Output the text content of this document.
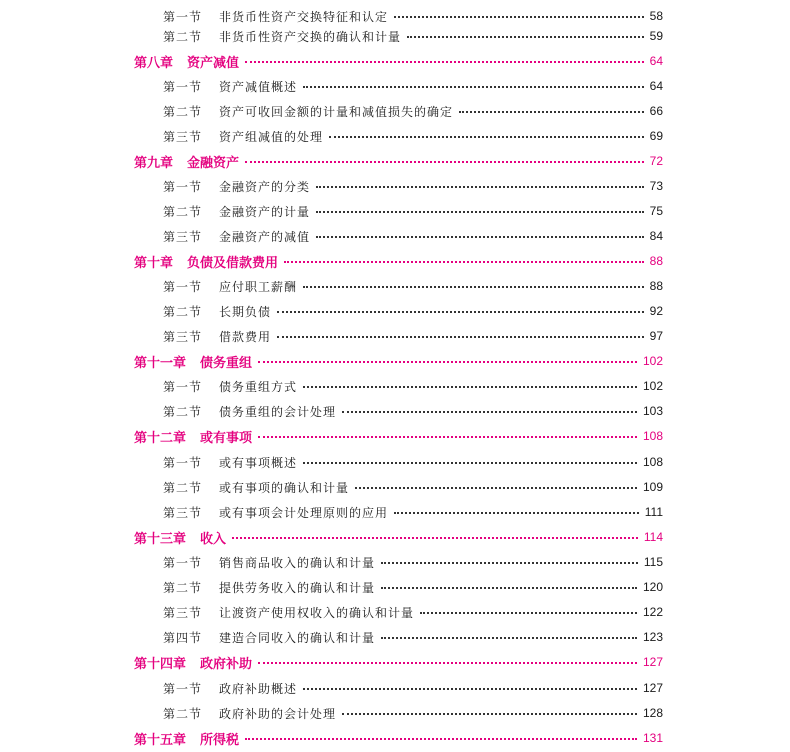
第一节	非货币性资产交换特征和认定	58
第二节	非货币性资产交换的确认和计量	59
第八章 资产减值	64
第一节	资产减值概述	64
第二节	资产可收回金额的计量和减值损失的确定	66
第三节	资产组减值的处理	69
第九章 金融资产	72
第一节	金融资产的分类	73
第二节	金融资产的计量	75
第三节	金融资产的减值	84
第十章 负债及借款费用	88
第一节	应付职工薪酬	88
第二节	长期负债	92
第三节	借款费用	97
第十一章 债务重组	102
第一节	债务重组方式	102
第二节	债务重组的会计处理	103
第十二章 或有事项	108
第一节	或有事项概述	108
第二节	或有事项的确认和计量	109
第三节	或有事项会计处理原则的应用	111
第十三章 收入	114
第一节	销售商品收入的确认和计量	115
第二节	提供劳务收入的确认和计量	120
第三节	让渡资产使用权收入的确认和计量	122
第四节	建造合同收入的确认和计量	123
第十四章 政府补助	127
第一节	政府补助概述	127
第二节	政府补助的会计处理	128
第十五章 所得税	131
